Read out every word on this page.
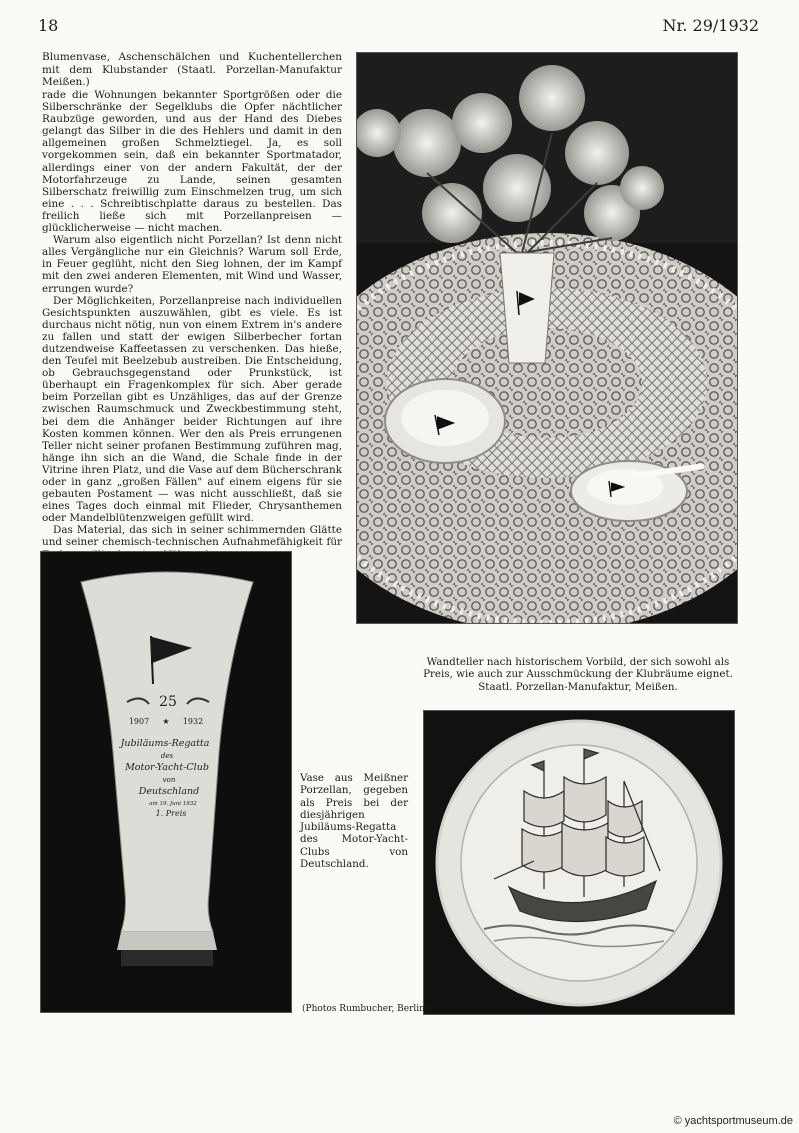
18	Nr. 29/1932
Blumenvase, Aschenschälchen und Kuchentellerchen mit dem Klubstander (Staatl. Porzellan-Manufaktur Meißen.)

rade die Wohnungen bekannter Sportgrößen oder die Silberschränke der Segelklubs die Opfer nächtlicher Raubzüge geworden, und aus der Hand des Diebes gelangt das Silber in die des Hehlers und damit in den allgemeinen großen Schmelztiegel. Ja, es soll vorgekommen sein, daß ein bekannter Sportmatador, allerdings einer von der andern Fakultät, der der Motorfahrzeuge zu Lande, seinen gesamten Silberschatz freiwillig zum Einschmelzen trug, um sich eine . . . Schreibtischplatte daraus zu bestellen. Das freilich ließe sich mit Porzellanpreisen — glücklicherweise — nicht machen.

Warum also eigentlich nicht Porzellan? Ist denn nicht alles Vergängliche nur ein Gleichnis? Warum soll Erde, in Feuer geglüht, nicht den Sieg lohnen, der im Kampf mit den zwei anderen Elementen, mit Wind und Wasser, errungen wurde?

Der Möglichkeiten, Porzellanpreise nach individuellen Gesichtspunkten auszuwählen, gibt es viele. Es ist durchaus nicht nötig, nun von einem Extrem in's andere zu fallen und statt der ewigen Silberbecher fortan dutzendweise Kaffeetassen zu verschenken. Das hieße, den Teufel mit Beelzebub austreiben. Die Entscheidung, ob Gebrauchsgegenstand oder Prunkstück, ist überhaupt ein Fragenkomplex für sich. Aber gerade beim Porzellan gibt es Unzähliges, das auf der Grenze zwischen Raumschmuck und Zweckbestimmung steht, bei dem die Anhänger beider Richtungen auf ihre Kosten kommen können. Wer den als Preis errungenen Teller nicht seiner profanen Bestimmung zuführen mag, hänge ihn sich an die Wand, die Schale finde in der Vitrine ihren Platz, und die Vase auf dem Bücherschrank oder in ganz „großen Fällen" auf einem eigens für sie gebauten Postament — was nicht ausschließt, daß sie eines Tages doch einmal mit Flieder, Chrysanthemen oder Mandelblütenzweigen gefüllt wird.

Das Material, das sich in seiner schimmernden Glätte und seiner chemisch-technischen Aufnahmefähigkeit für

25
1907 ★ 1932
Jubiläums-Regatta
des
Motor-Yacht-Club
von
Deutschland
am 19. Juni 1932
1. Preis
Wandteller nach historischem Vorbild, der sich sowohl als Preis, wie auch zur Ausschmückung der Klubräume eignet. Staatl. Porzellan-Manufaktur, Meißen.
Vase aus Meißner Porzellan, gegeben als Preis bei der diesjährigen Jubiläums-Regatta des Motor-Yacht-Clubs von Deutschland.
(Photos Rumbucher, Berlin)
© yachtsportmuseum.de
